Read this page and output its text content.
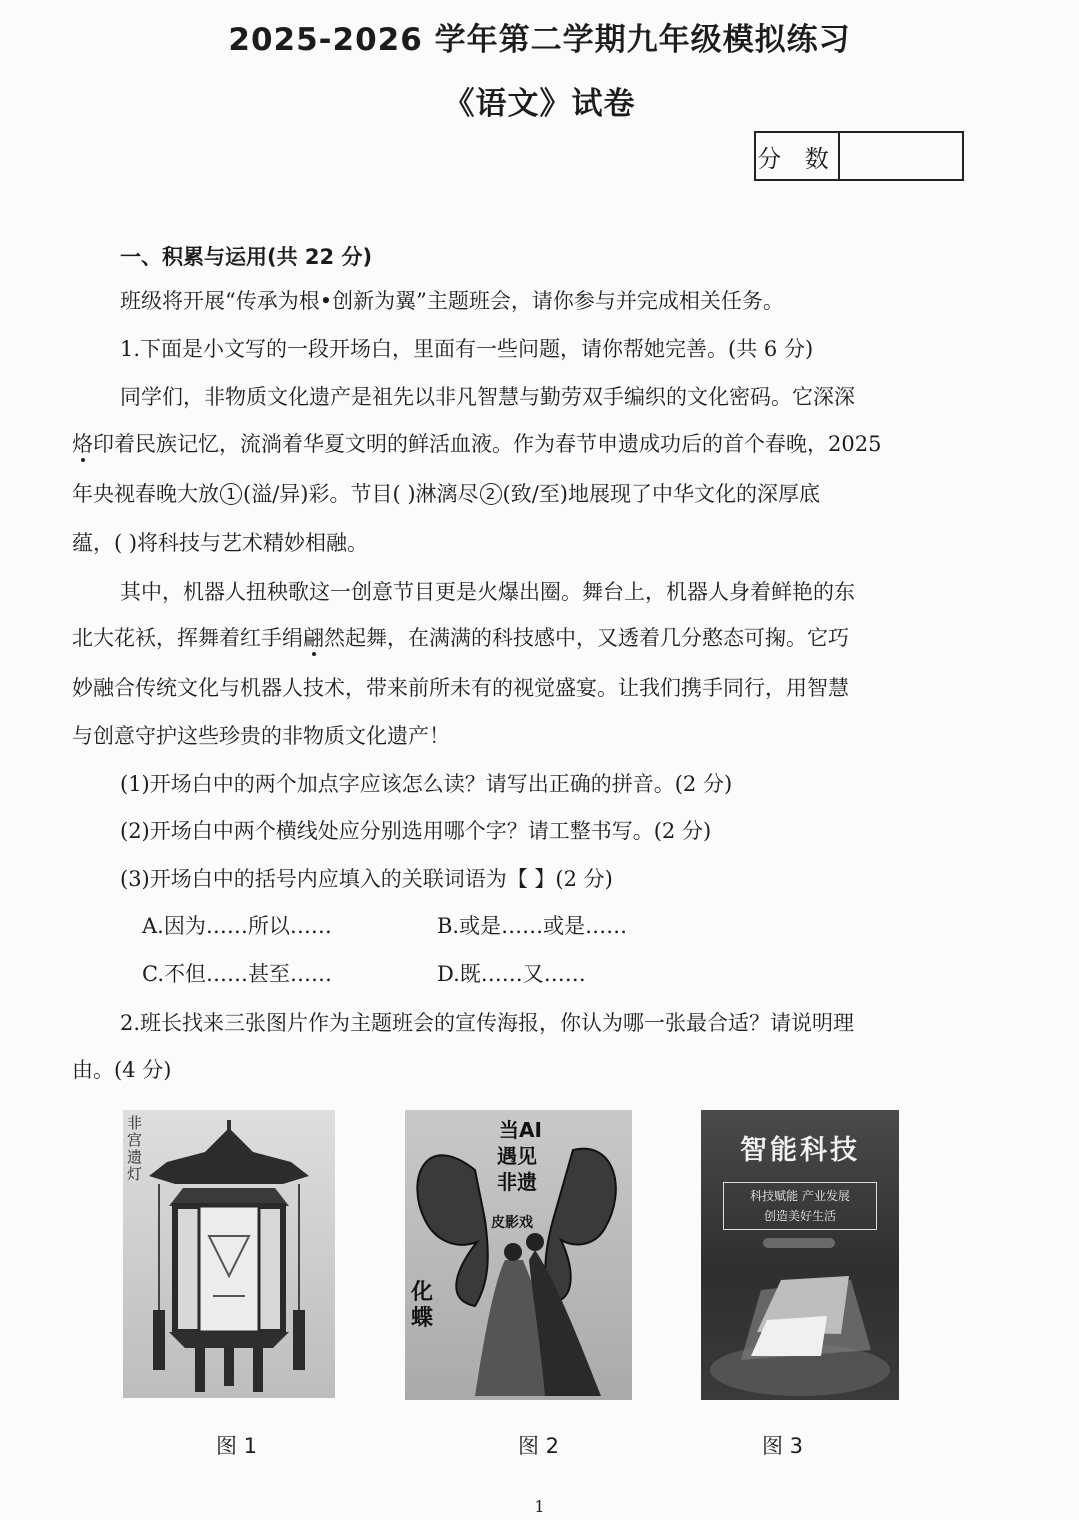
2025-2026 学年第二学期九年级模拟练习
《语文》试卷
分 数
一、积累与运用(共 22 分)
班级将开展“传承为根•创新为翼”主题班会，请你参与并完成相关任务。
1.下面是小文写的一段开场白，里面有一些问题，请你帮她完善。(共 6 分)
同学们，非物质文化遗产是祖先以非凡智慧与勤劳双手编织的文化密码。它深深
烙印着民族记忆，流淌着华夏文明的鲜活血液。作为春节申遗成功后的首个春晚，2025
年央视春晚大放 1 (溢/异)彩。节目( )淋漓尽 2 (致/至)地展现了中华文化的深厚底
蕴，( )将科技与艺术精妙相融。
其中，机器人扭秧歌这一创意节目更是火爆出圈。舞台上，机器人身着鲜艳的东
北大花袄，挥舞着红手绢翩然起舞，在满满的科技感中，又透着几分憨态可掬。它巧
妙融合传统文化与机器人技术，带来前所未有的视觉盛宴。让我们携手同行，用智慧
与创意守护这些珍贵的非物质文化遗产！
(1)开场白中的两个加点字应该怎么读？请写出正确的拼音。(2 分)
(2)开场白中两个横线处应分别选用哪个字？请工整书写。(2 分)
(3)开场白中的括号内应填入的关联词语为【 】(2 分)
A.因为……所以……	B.或是……或是……
C.不但……甚至……	D.既……又……
2.班长找来三张图片作为主题班会的宣传海报，你认为哪一张最合适？请说明理
由。(4 分)
非宫遗灯
当AI
遇见
非遗
皮影戏
化蝶
智能科技
科技赋能 产业发展
创造美好生活
图 1	图 2	图 3
1
